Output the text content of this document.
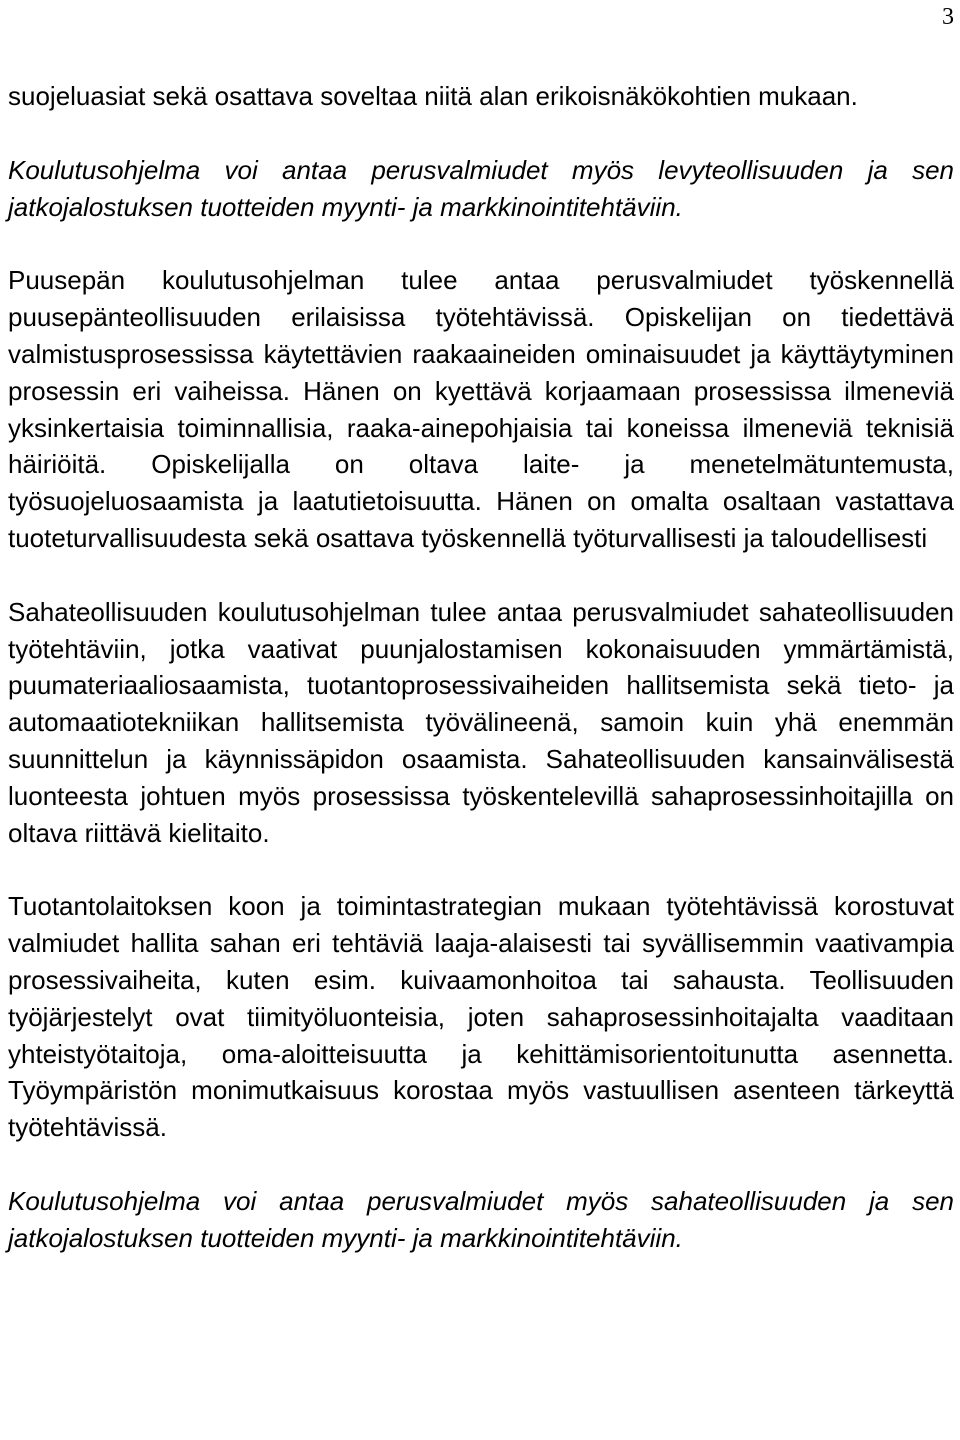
3

suojeluasiat sekä osattava soveltaa niitä alan erikoisnäkökohtien mukaan.

Koulutusohjelma voi antaa perusvalmiudet myös levyteollisuuden ja sen jatkojalostuksen tuotteiden myynti- ja markkinointitehtäviin.

Puusepän koulutusohjelman tulee antaa perusvalmiudet työskennellä puusepänteollisuuden erilaisissa työtehtävissä. Opiskelijan on tiedettävä valmistusprosessissa käytettävien raakaaineiden ominaisuudet ja käyttäytyminen prosessin eri vaiheissa. Hänen on kyettävä korjaamaan prosessissa ilmeneviä yksinkertaisia toiminnallisia, raaka-ainepohjaisia tai koneissa ilmeneviä teknisiä häiriöitä. Opiskelijalla on oltava laite- ja menetelmätuntemusta, työsuojeluosaamista ja laatutietoisuutta. Hänen on omalta osaltaan vastattava tuoteturvallisuudesta sekä osattava työskennellä työturvallisesti ja taloudellisesti

Sahateollisuuden koulutusohjelman tulee antaa perusvalmiudet sahateollisuuden työtehtäviin, jotka vaativat puunjalostamisen kokonaisuuden ymmärtämistä, puumateriaaliosaamista, tuotantoprosessivaiheiden hallitsemista sekä tieto- ja automaatiotekniikan hallitsemista työvälineenä, samoin kuin yhä enemmän suunnittelun ja käynnissäpidon osaamista. Sahateollisuuden kansainvälisestä luonteesta johtuen myös prosessissa työskentelevillä sahaprosessinhoitajilla on oltava riittävä kielitaito.

Tuotantolaitoksen koon ja toimintastrategian mukaan työtehtävissä korostuvat valmiudet hallita sahan eri tehtäviä laaja-alaisesti tai syvällisemmin vaativampia prosessivaiheita, kuten esim. kuivaamonhoitoa tai sahausta. Teollisuuden työjärjestelyt ovat tiimityöluonteisia, joten sahaprosessinhoitajalta vaaditaan yhteistyötaitoja, oma-aloitteisuutta ja kehittämisorientoitunutta asennetta. Työympäristön monimutkaisuus korostaa myös vastuullisen asenteen tärkeyttä työtehtävissä.

Koulutusohjelma voi antaa perusvalmiudet myös sahateollisuuden ja sen jatkojalostuksen tuotteiden myynti- ja markkinointitehtäviin.
